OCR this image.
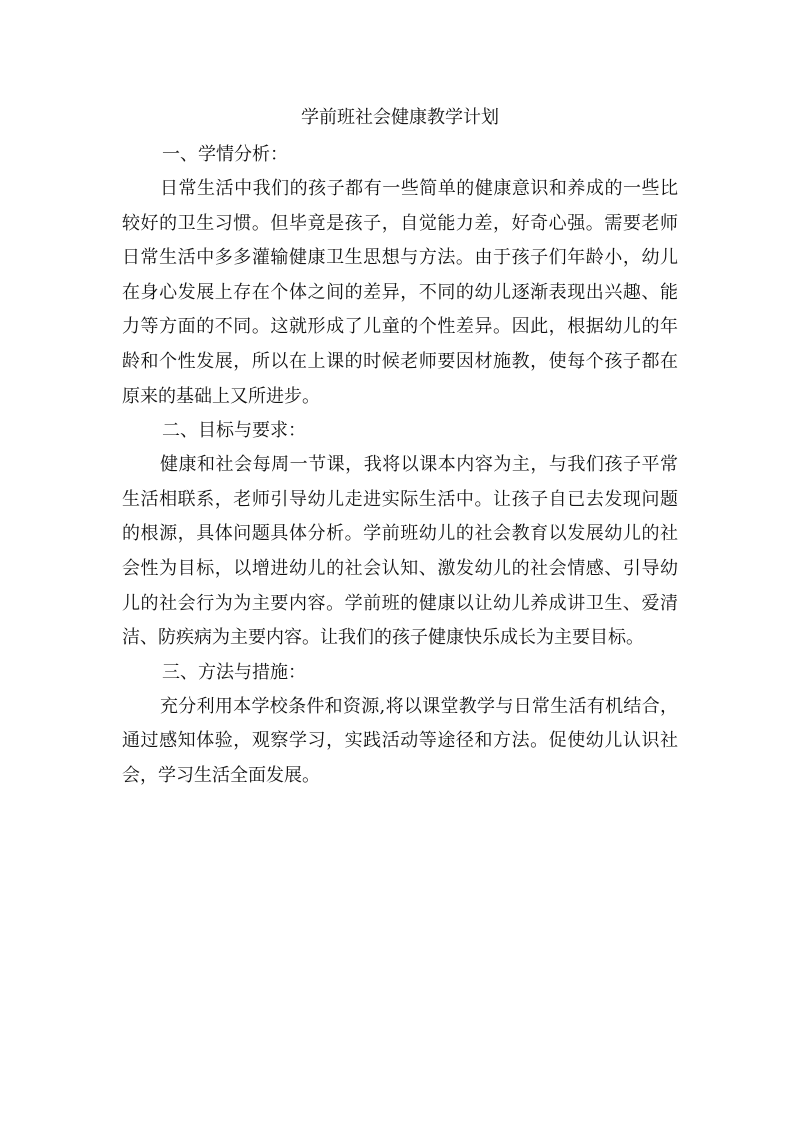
学前班社会健康教学计划
一、学情分析：

日常生活中我们的孩子都有一些简单的健康意识和养成的一些比较好的卫生习惯。但毕竟是孩子，自觉能力差，好奇心强。需要老师日常生活中多多灌输健康卫生思想与方法。由于孩子们年龄小，幼儿在身心发展上存在个体之间的差异，不同的幼儿逐渐表现出兴趣、能力等方面的不同。这就形成了儿童的个性差异。因此，根据幼儿的年龄和个性发展，所以在上课的时候老师要因材施教，使每个孩子都在原来的基础上又所进步。

二、目标与要求：

健康和社会每周一节课，我将以课本内容为主，与我们孩子平常生活相联系，老师引导幼儿走进实际生活中。让孩子自已去发现问题的根源，具体问题具体分析。学前班幼儿的社会教育以发展幼儿的社会性为目标，以增进幼儿的社会认知、激发幼儿的社会情感、引导幼儿的社会行为为主要内容。学前班的健康以让幼儿养成讲卫生、爱清洁、防疾病为主要内容。让我们的孩子健康快乐成长为主要目标。

三、方法与措施：

充分利用本学校条件和资源,将以课堂教学与日常生活有机结合，通过感知体验，观察学习，实践活动等途径和方法。促使幼儿认识社会，学习生活全面发展。
